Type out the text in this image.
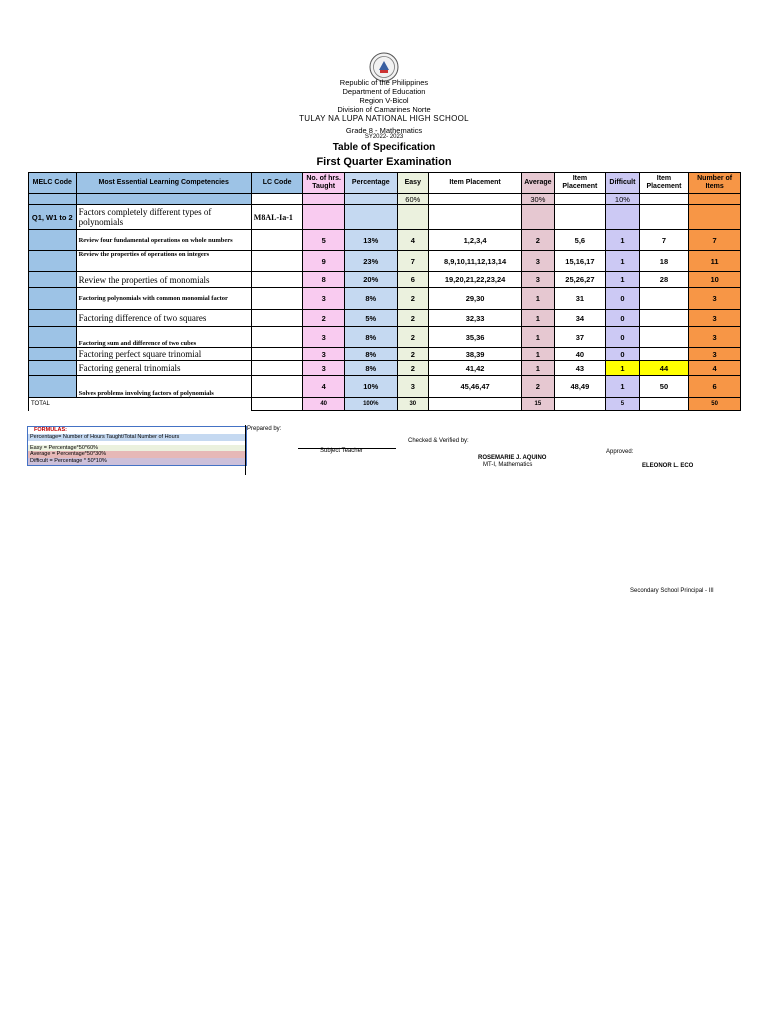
Republic of the Philippines
Department of Education
Region V-Bicol
Division of Camarines Norte
TULAY NA LUPA NATIONAL HIGH SCHOOL
Grade 8 - Mathematics
SY2022- 2023
Table of Specification
First Quarter Examination
MELC Code	Most Essential Learning Competencies	LC Code	No. of hrs. Taught	Percentage	Easy	Item Placement	Average	Item Placement	Difficult	Item Placement	Number of Items
					60%		30%		10%		
Q1, W1 to 2	Factors completely different types of polynomials	M8AL-Ia-1									
	Review four fundamental operations on whole numbers		5	13%	4	1,2,3,4	2	5,6	1	7	7
	Review the properties of operations on integers		9	23%	7	8,9,10,11,12,13,14	3	15,16,17	1	18	11
	Review the properties of monomials		8	20%	6	19,20,21,22,23,24	3	25,26,27	1	28	10
	Factoring polynomials with common monomial factor		3	8%	2	29,30	1	31	0		3
	Factoring difference of two squares		2	5%	2	32,33	1	34	0		3
	Factoring sum and difference of two cubes		3	8%	2	35,36	1	37	0		3
	Factoring perfect square trinomial		3	8%	2	38,39	1	40	0		3
	Factoring general trinomials		3	8%	2	41,42	1	43	1	44	4
	Solves problems involving factors of polynomials		4	10%	3	45,46,47	2	48,49	1	50	6
TOTAL			40	100%	30		15		5		50
FORMULAS:
Percentage= Number of Hours Taught/Total Number of Hours
Easy = Percentage*50*60%
Average = Percentage*50*30%
Difficult = Percentage * 50*10%
Prepared by:
Subject Teacher
Checked & Verified by:
ROSEMARIE J. AQUINO
MT-I, Mathematics
Approved:
ELEONOR L. ECO
Secondary School Principal - III
